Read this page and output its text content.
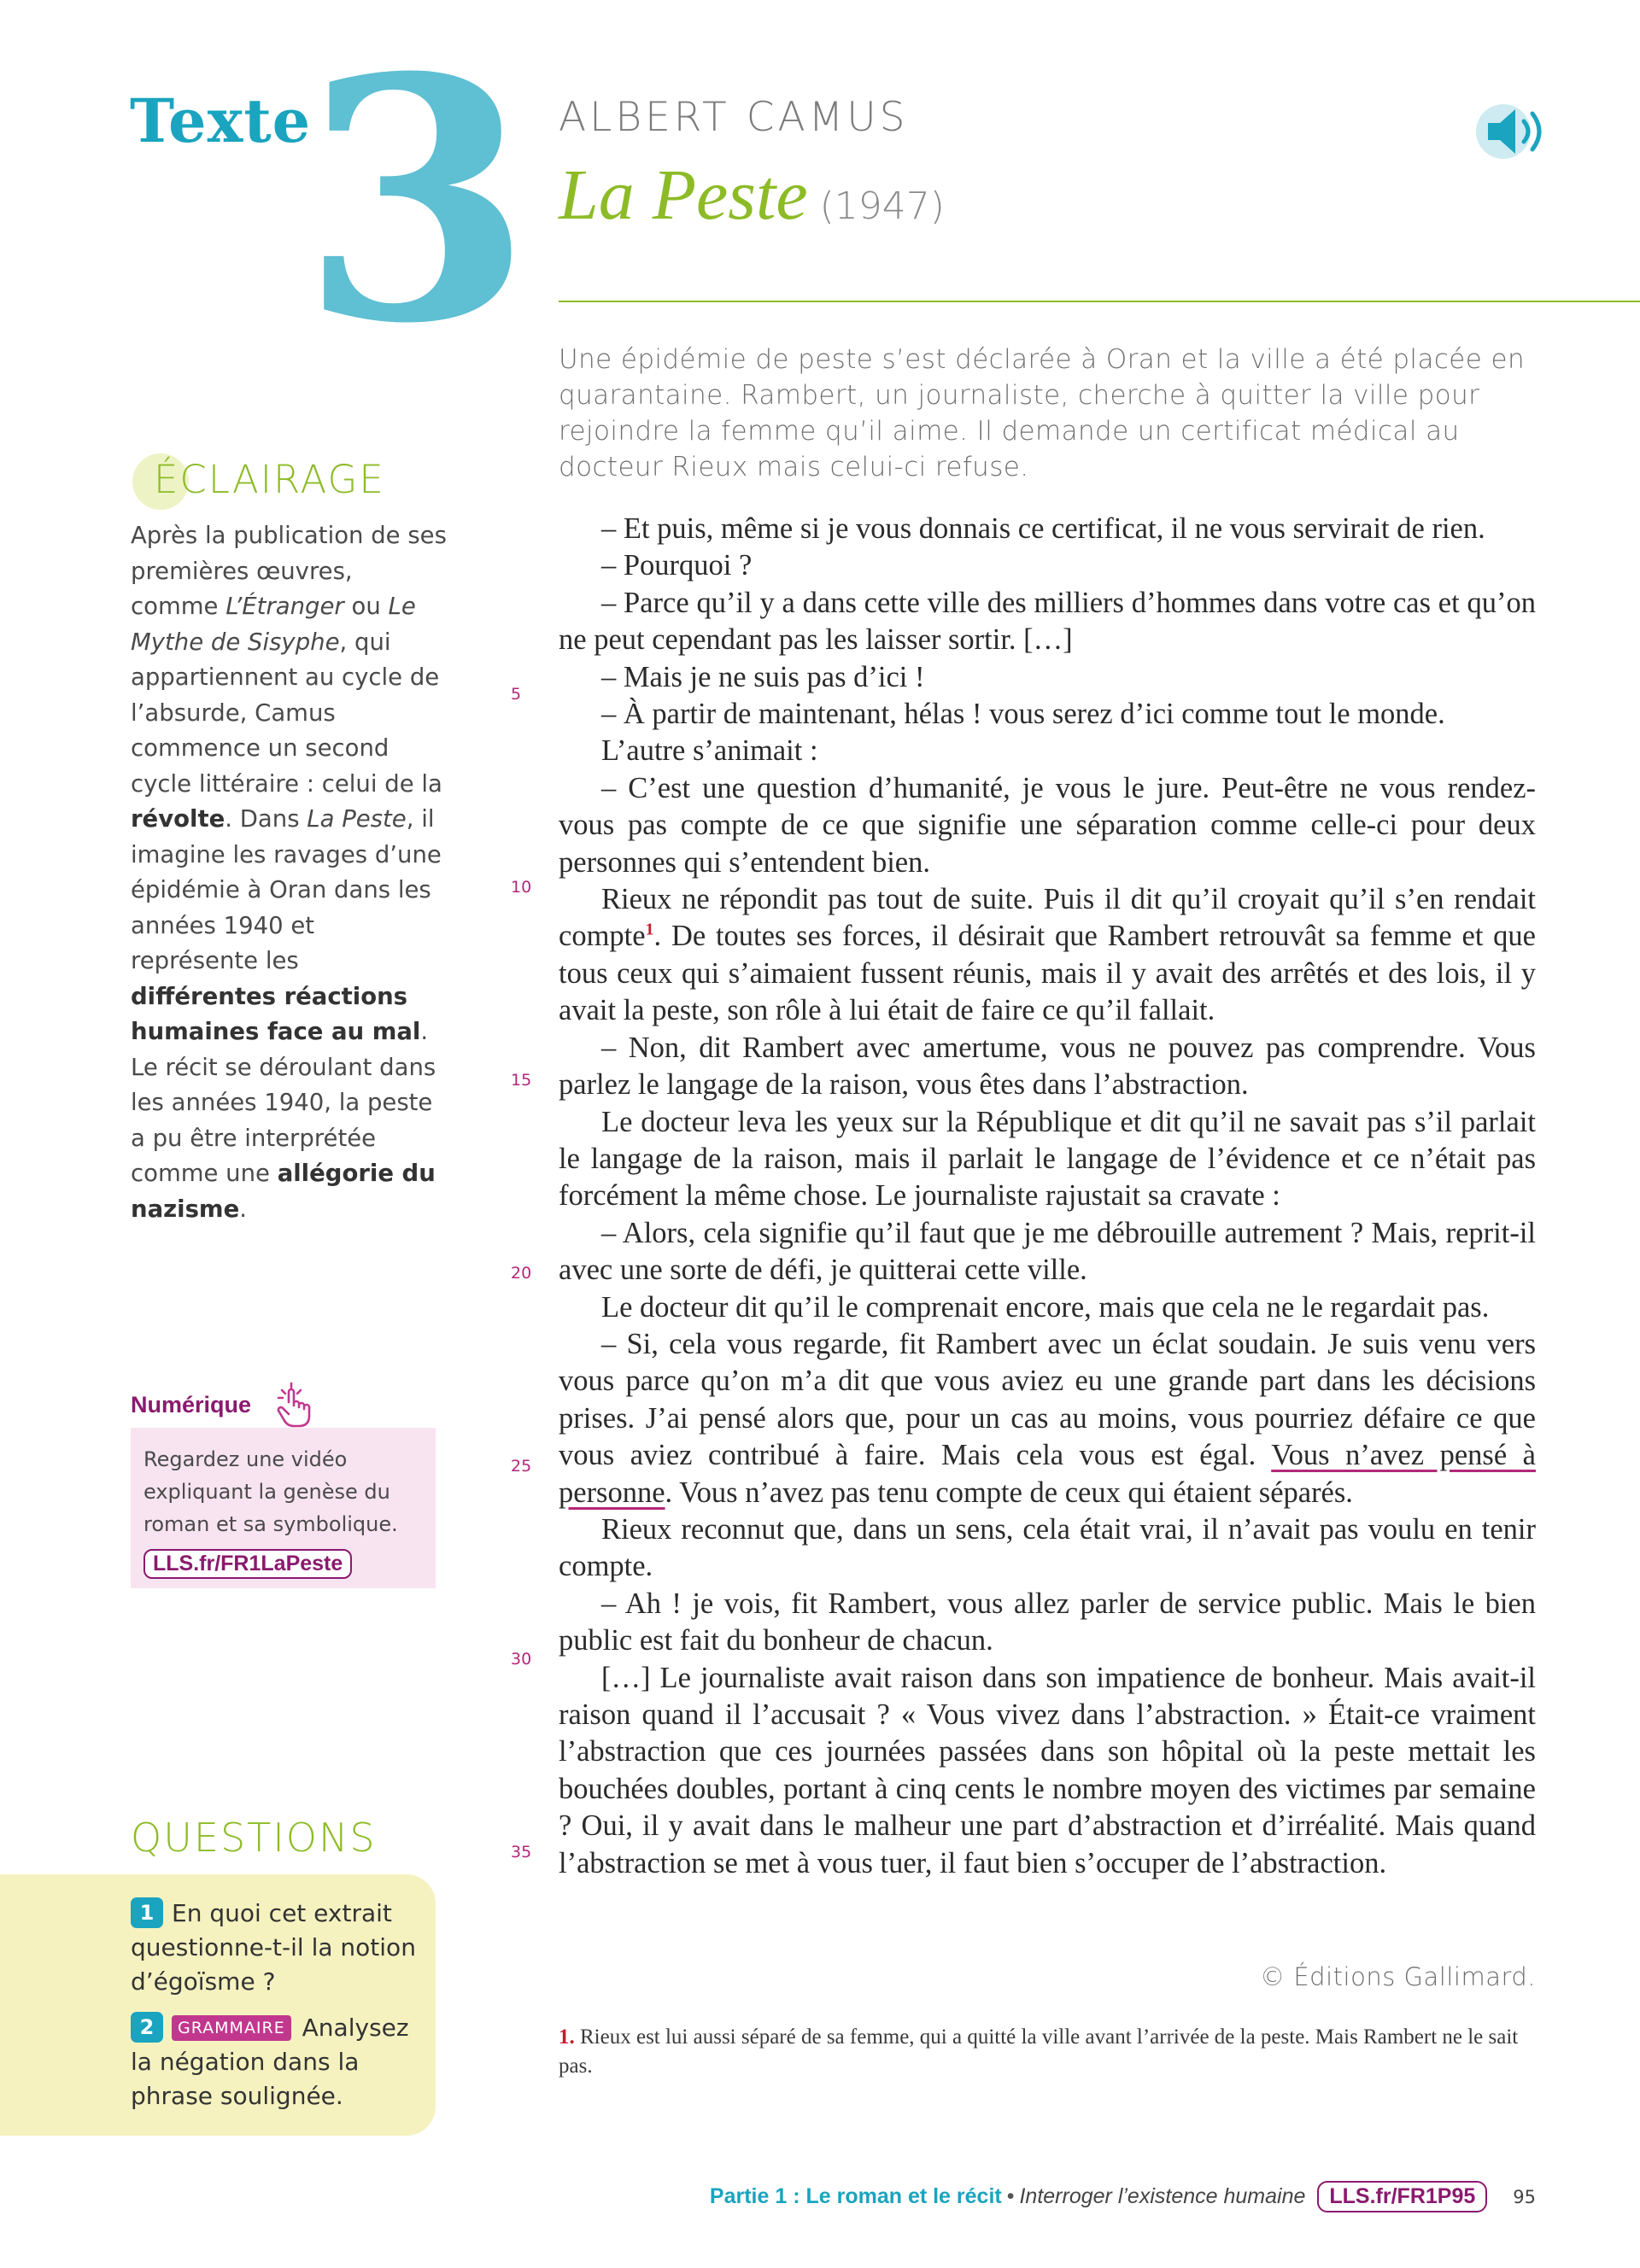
Texte
3 ALBERT CAMUS
La Peste (1947)
Une épidémie de peste s’est déclarée à Oran et la ville a été placée en quarantaine. Rambert, un journaliste, cherche à quitter la ville pour rejoindre la femme qu’il aime. Il demande un certificat médical au docteur Rieux mais celui-ci refuse.
5
10
15
20
25
30
35

– Et puis, même si je vous donnais ce certificat, il ne vous servirait de rien.

– Pourquoi ?

– Parce qu’il y a dans cette ville des milliers d’hommes dans votre cas et qu’on ne peut cependant pas les laisser sortir. […]

– Mais je ne suis pas d’ici !

– À partir de maintenant, hélas ! vous serez d’ici comme tout le monde.

L’autre s’animait :

– C’est une question d’humanité, je vous le jure. Peut-être ne vous rendez-vous pas compte de ce que signifie une séparation comme celle-ci pour deux personnes qui s’entendent bien.

Rieux ne répondit pas tout de suite. Puis il dit qu’il croyait qu’il s’en rendait compte$^1$. De toutes ses forces, il désirait que Rambert retrouvât sa femme et que tous ceux qui s’aimaient fussent réunis, mais il y avait des arrêtés et des lois, il y avait la peste, son rôle à lui était de faire ce qu’il fallait.

– Non, dit Rambert avec amertume, vous ne pouvez pas comprendre. Vous parlez le langage de la raison, vous êtes dans l’abstraction.

Le docteur leva les yeux sur la République et dit qu’il ne savait pas s’il parlait le langage de la raison, mais il parlait le langage de l’évidence et ce n’était pas forcément la même chose. Le journaliste rajustait sa cravate :

– Alors, cela signifie qu’il faut que je me débrouille autrement ? Mais, reprit-il avec une sorte de défi, je quitterai cette ville.

Le docteur dit qu’il le comprenait encore, mais que cela ne le regardait pas.

– Si, cela vous regarde, fit Rambert avec un éclat soudain. Je suis venu vers vous parce qu’on m’a dit que vous aviez eu une grande part dans les décisions prises. J’ai pensé alors que, pour un cas au moins, vous pourriez défaire ce que vous aviez contribué à faire. Mais cela vous est égal. Vous n’avez pensé à personne. Vous n’avez pas tenu compte de ceux qui étaient séparés.

Rieux reconnut que, dans un sens, cela était vrai, il n’avait pas voulu en tenir compte.

– Ah ! je vois, fit Rambert, vous allez parler de service public. Mais le bien public est fait du bonheur de chacun.

[…] Le journaliste avait raison dans son impatience de bonheur. Mais avait-il raison quand il l’accusait ? « Vous vivez dans l’abstraction. » Était-ce vraiment l’abstraction que ces journées passées dans son hôpital où la peste mettait les bouchées doubles, portant à cinq cents le nombre moyen des victimes par semaine ? Oui, il y avait dans le malheur une part d’abstraction et d’irréalité. Mais quand l’abstraction se met à vous tuer, il faut bien s’occuper de l’abstraction.

© Éditions Gallimard.
1. Rieux est lui aussi séparé de sa femme, qui a quitté la ville avant l’arrivée de la peste. Mais Rambert ne le sait pas.
ÉCLAIRAGE
Après la publication de ses premières œuvres, comme L’Étranger ou Le Mythe de Sisyphe, qui appartiennent au cycle de l’absurde, Camus commence un second cycle littéraire : celui de la révolte. Dans La Peste, il imagine les ravages d’une épidémie à Oran dans les années 1940 et représente les différentes réactions humaines face au mal. Le récit se déroulant dans les années 1940, la peste a pu être interprétée comme une allégorie du nazisme.
Numérique
Regardez une vidéo expliquant la genèse du roman et sa symbolique.
LLS.fr/FR1LaPeste
QUESTIONS
1 En quoi cet extrait questionne-t-il la notion d’égoïsme ?
2 GRAMMAIRE Analysez la négation dans la phrase soulignée.
Partie 1 : Le roman et le récit • Interroger l’existence humaine	LLS.fr/FR1P95	95
